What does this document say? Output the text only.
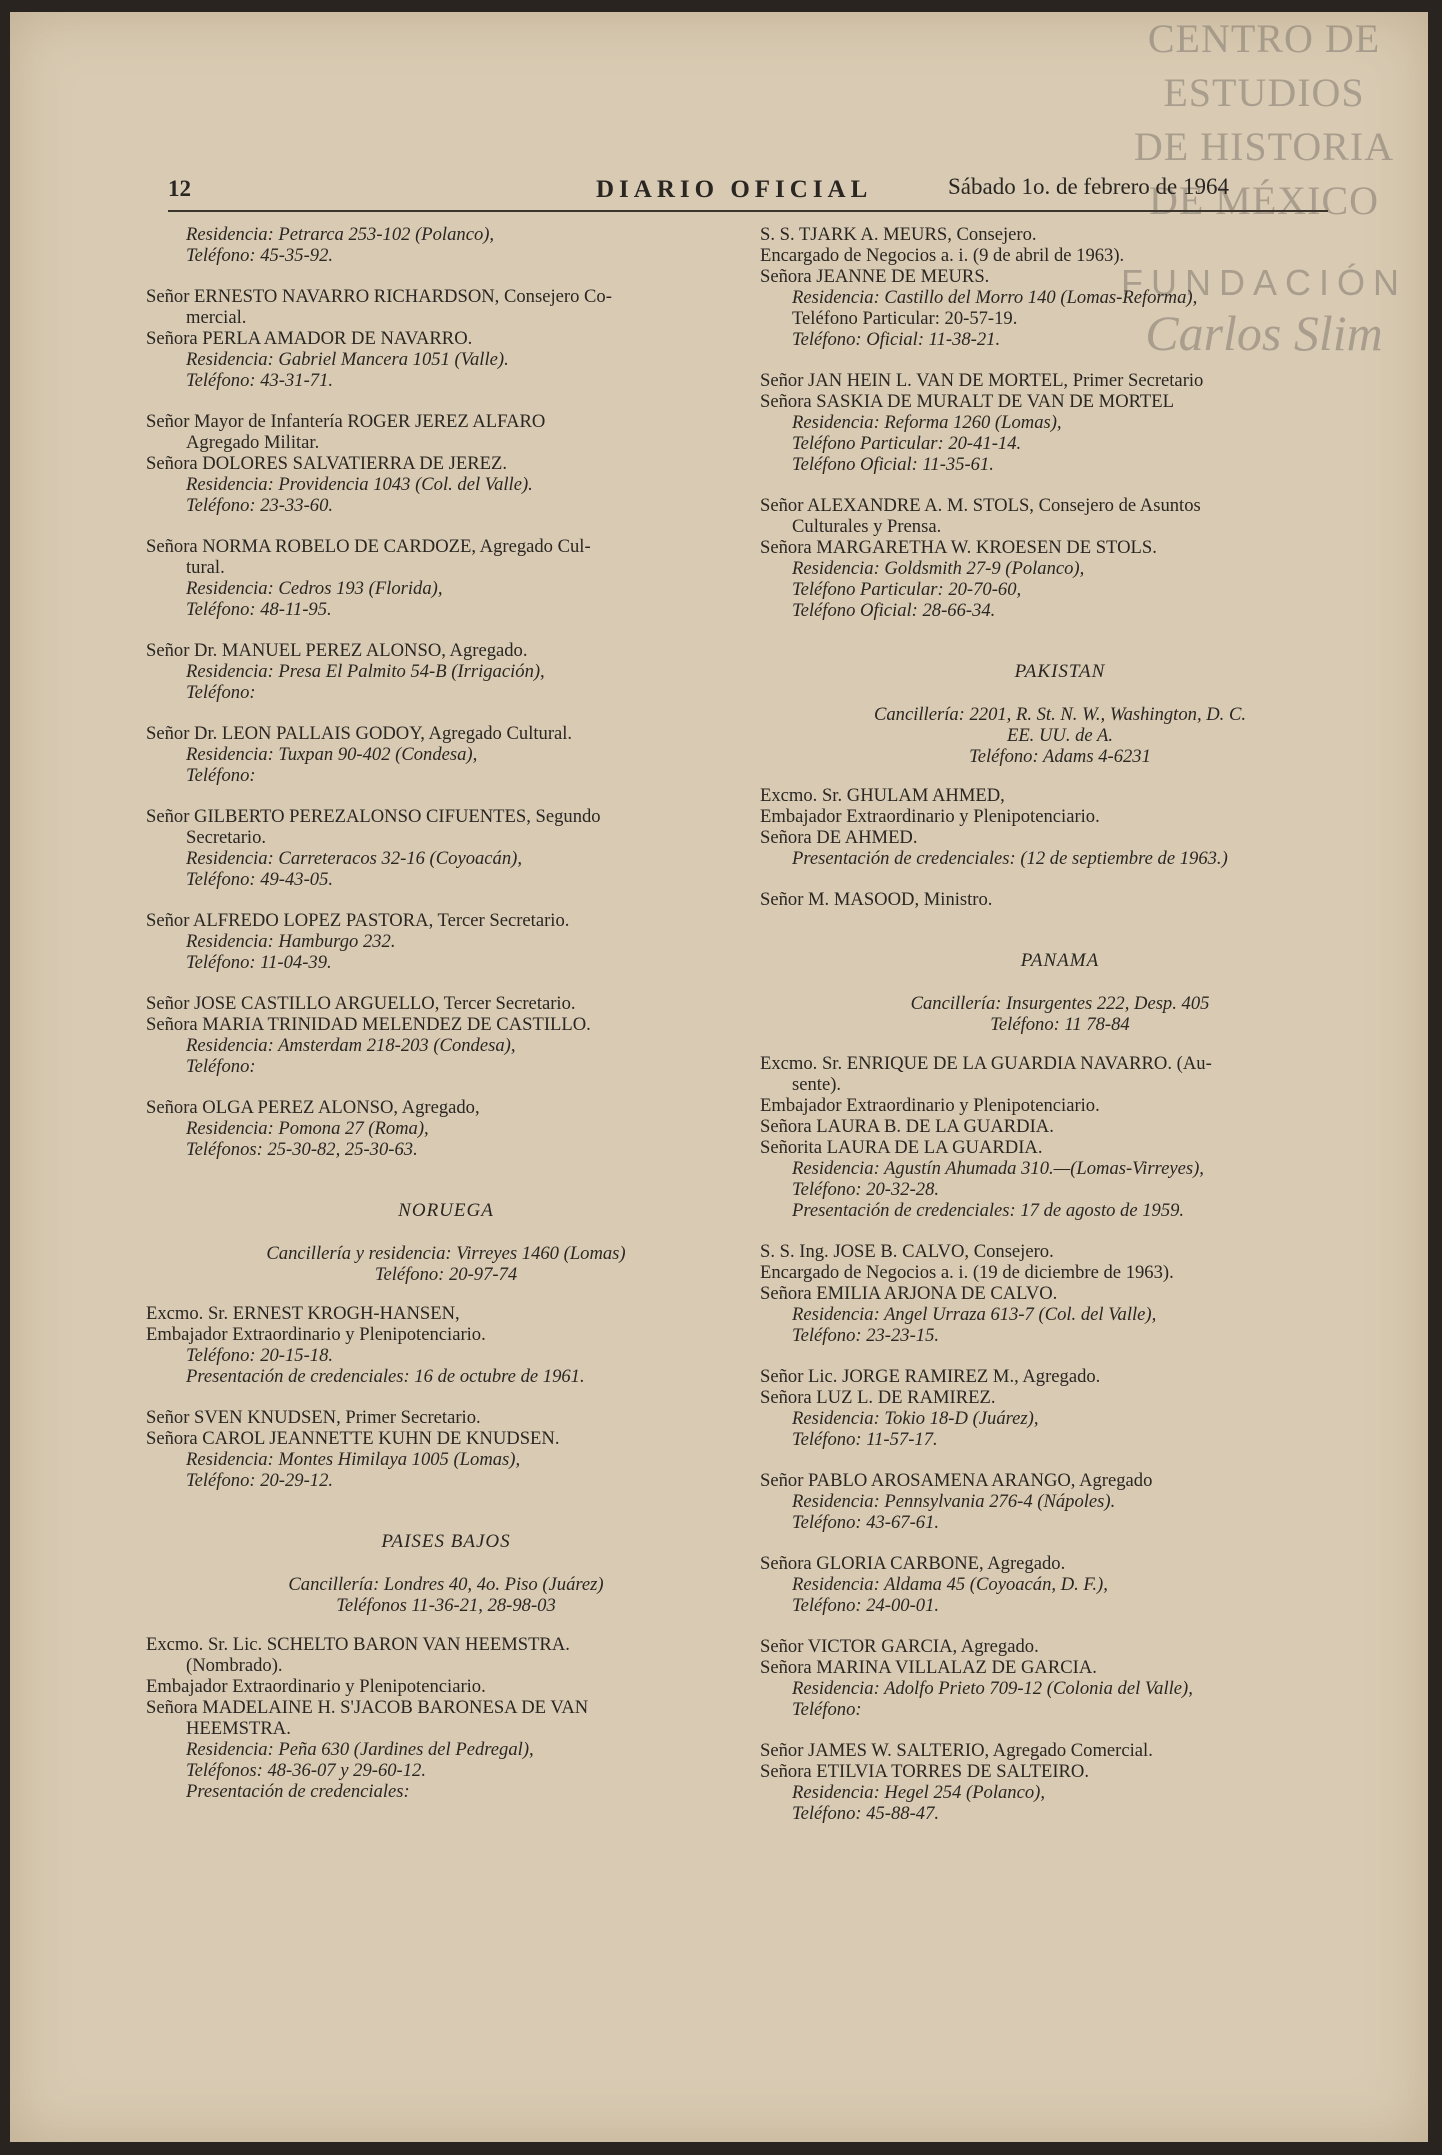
CENTRO DE
ESTUDIOS
DE HISTORIA
DE MÉXICO
FUNDACIÓN
Carlos Slim
12	DIARIO OFICIAL	Sábado 1o. de febrero de 1964
Residencia: Petrarca 253-102 (Polanco),
Teléfono: 45-35-92.
Señor ERNESTO NAVARRO RICHARDSON, Consejero Co-
mercial.
Señora PERLA AMADOR DE NAVARRO.
Residencia: Gabriel Mancera 1051 (Valle).
Teléfono: 43-31-71.
Señor Mayor de Infantería ROGER JEREZ ALFARO
Agregado Militar.
Señora DOLORES SALVATIERRA DE JEREZ.
Residencia: Providencia 1043 (Col. del Valle).
Teléfono: 23-33-60.
Señora NORMA ROBELO DE CARDOZE, Agregado Cul-
tural.
Residencia: Cedros 193 (Florida),
Teléfono: 48-11-95.
Señor Dr. MANUEL PEREZ ALONSO, Agregado.
Residencia: Presa El Palmito 54-B (Irrigación),
Teléfono:
Señor Dr. LEON PALLAIS GODOY, Agregado Cultural.
Residencia: Tuxpan 90-402 (Condesa),
Teléfono:
Señor GILBERTO PEREZALONSO CIFUENTES, Segundo
Secretario.
Residencia: Carreteracos 32-16 (Coyoacán),
Teléfono: 49-43-05.
Señor ALFREDO LOPEZ PASTORA, Tercer Secretario.
Residencia: Hamburgo 232.
Teléfono: 11-04-39.
Señor JOSE CASTILLO ARGUELLO, Tercer Secretario.
Señora MARIA TRINIDAD MELENDEZ DE CASTILLO.
Residencia: Amsterdam 218-203 (Condesa),
Teléfono:
Señora OLGA PEREZ ALONSO, Agregado,
Residencia: Pomona 27 (Roma),
Teléfonos: 25-30-82, 25-30-63.
NORUEGA
Cancillería y residencia: Virreyes 1460 (Lomas)
Teléfono: 20-97-74
Excmo. Sr. ERNEST KROGH-HANSEN,
Embajador Extraordinario y Plenipotenciario.
Teléfono: 20-15-18.
Presentación de credenciales: 16 de octubre de 1961.
Señor SVEN KNUDSEN, Primer Secretario.
Señora CAROL JEANNETTE KUHN DE KNUDSEN.
Residencia: Montes Himilaya 1005 (Lomas),
Teléfono: 20-29-12.
PAISES BAJOS
Cancillería: Londres 40, 4o. Piso (Juárez)
Teléfonos 11-36-21, 28-98-03
Excmo. Sr. Lic. SCHELTO BARON VAN HEEMSTRA.
(Nombrado).
Embajador Extraordinario y Plenipotenciario.
Señora MADELAINE H. S'JACOB BARONESA DE VAN
HEEMSTRA.
Residencia: Peña 630 (Jardines del Pedregal),
Teléfonos: 48-36-07 y 29-60-12.
Presentación de credenciales:
S. S. TJARK A. MEURS, Consejero.
Encargado de Negocios a. i. (9 de abril de 1963).
Señora JEANNE DE MEURS.
Residencia: Castillo del Morro 140 (Lomas-Reforma),
Teléfono Particular: 20-57-19.
Teléfono: Oficial: 11-38-21.
Señor JAN HEIN L. VAN DE MORTEL, Primer Secretario
Señora SASKIA DE MURALT DE VAN DE MORTEL
Residencia: Reforma 1260 (Lomas),
Teléfono Particular: 20-41-14.
Teléfono Oficial: 11-35-61.
Señor ALEXANDRE A. M. STOLS, Consejero de Asuntos
Culturales y Prensa.
Señora MARGARETHA W. KROESEN DE STOLS.
Residencia: Goldsmith 27-9 (Polanco),
Teléfono Particular: 20-70-60,
Teléfono Oficial: 28-66-34.
PAKISTAN
Cancillería: 2201, R. St. N. W., Washington, D. C.
EE. UU. de A.
Teléfono: Adams 4-6231
Excmo. Sr. GHULAM AHMED,
Embajador Extraordinario y Plenipotenciario.
Señora DE AHMED.
Presentación de credenciales: (12 de septiembre de 1963.)
Señor M. MASOOD, Ministro.
PANAMA
Cancillería: Insurgentes 222, Desp. 405
Teléfono: 11 78-84
Excmo. Sr. ENRIQUE DE LA GUARDIA NAVARRO. (Au-
sente).
Embajador Extraordinario y Plenipotenciario.
Señora LAURA B. DE LA GUARDIA.
Señorita LAURA DE LA GUARDIA.
Residencia: Agustín Ahumada 310.—(Lomas-Virreyes),
Teléfono: 20-32-28.
Presentación de credenciales: 17 de agosto de 1959.
S. S. Ing. JOSE B. CALVO, Consejero.
Encargado de Negocios a. i. (19 de diciembre de 1963).
Señora EMILIA ARJONA DE CALVO.
Residencia: Angel Urraza 613-7 (Col. del Valle),
Teléfono: 23-23-15.
Señor Lic. JORGE RAMIREZ M., Agregado.
Señora LUZ L. DE RAMIREZ.
Residencia: Tokio 18-D (Juárez),
Teléfono: 11-57-17.
Señor PABLO AROSAMENA ARANGO, Agregado
Residencia: Pennsylvania 276-4 (Nápoles).
Teléfono: 43-67-61.
Señora GLORIA CARBONE, Agregado.
Residencia: Aldama 45 (Coyoacán, D. F.),
Teléfono: 24-00-01.
Señor VICTOR GARCIA, Agregado.
Señora MARINA VILLALAZ DE GARCIA.
Residencia: Adolfo Prieto 709-12 (Colonia del Valle),
Teléfono:
Señor JAMES W. SALTERIO, Agregado Comercial.
Señora ETILVIA TORRES DE SALTEIRO.
Residencia: Hegel 254 (Polanco),
Teléfono: 45-88-47.
